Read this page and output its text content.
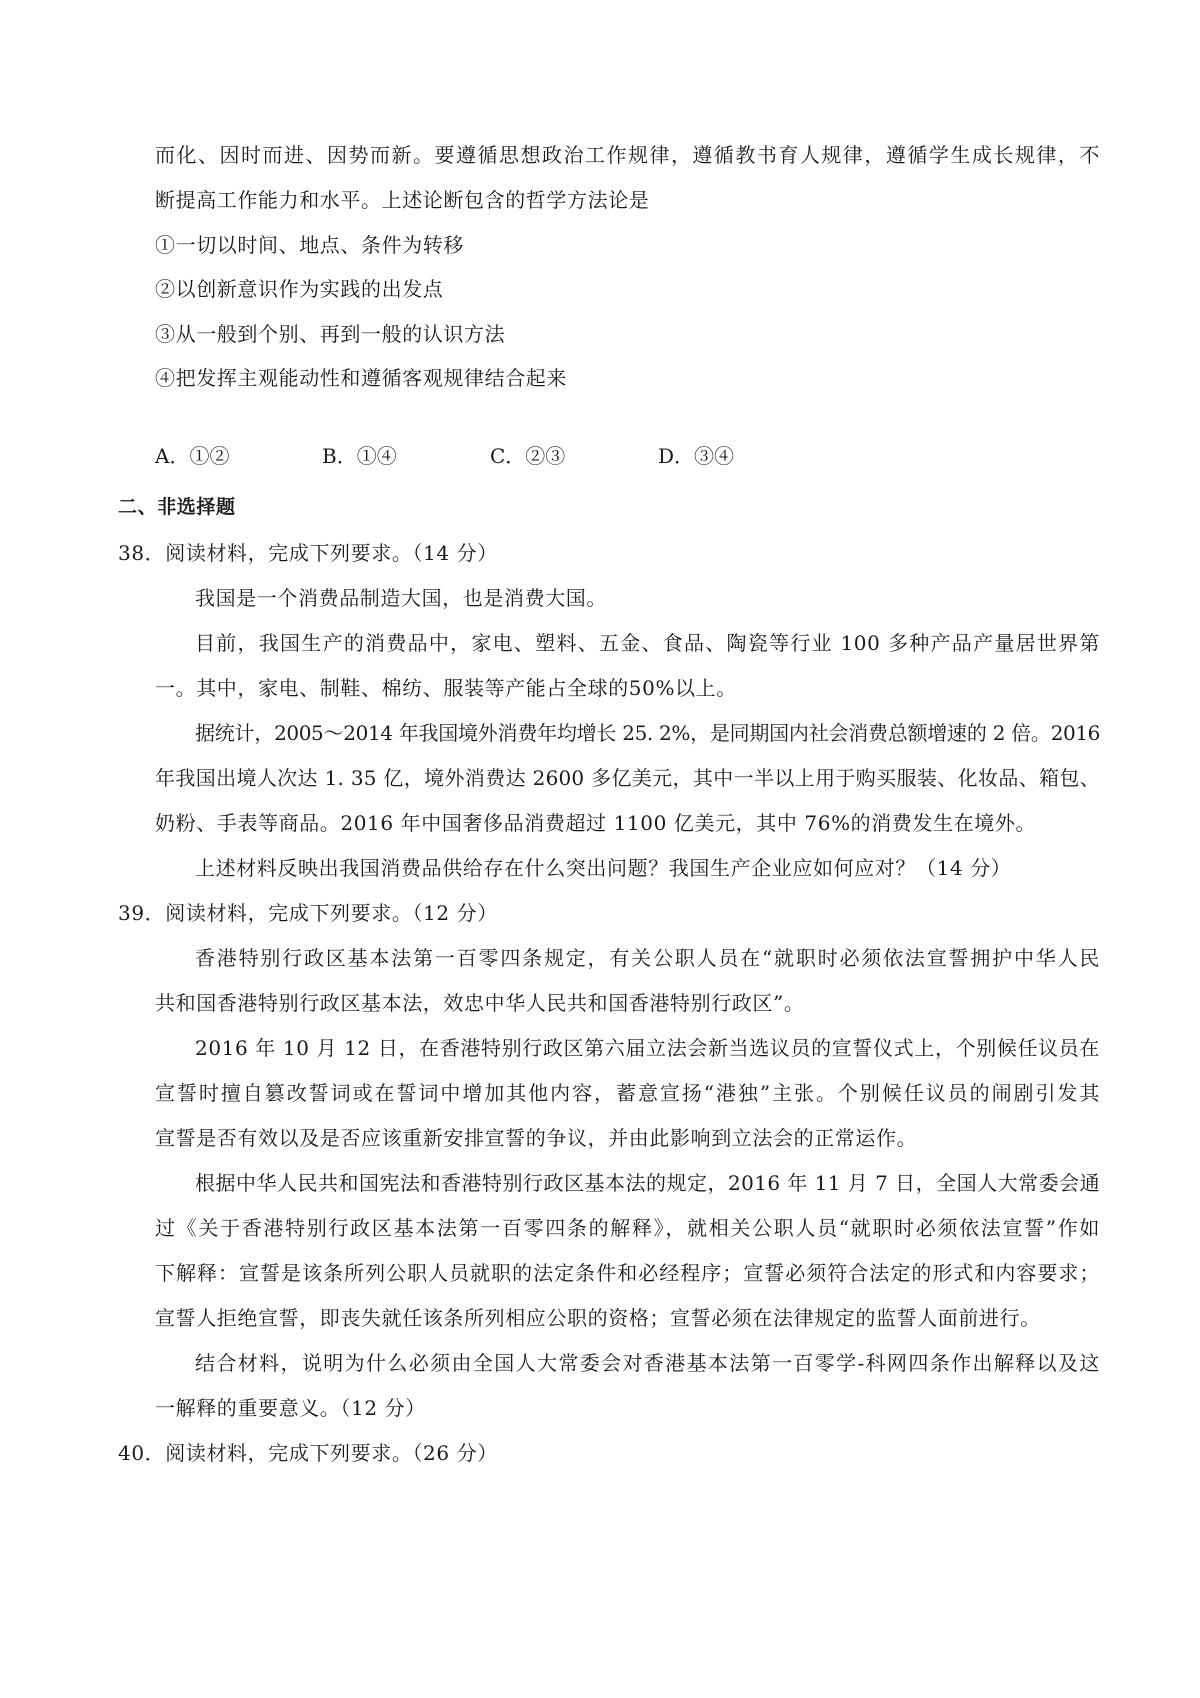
而化、因时而进、因势而新。要遵循思想政治工作规律，遵循教书育人规律，遵循学生成长规律，不
断提高工作能力和水平。上述论断包含的哲学方法论是
①一切以时间、地点、条件为转移
②以创新意识作为实践的出发点
③从一般到个别、再到一般的认识方法
④把发挥主观能动性和遵循客观规律结合起来
A．①②	B．①④	C．②③	D．③④
二、非选择题
38．阅读材料，完成下列要求。（14 分）
我国是一个消费品制造大国，也是消费大国。
目前，我国生产的消费品中，家电、塑料、五金、食品、陶瓷等行业 100 多种产品产量居世界第
一。其中，家电、制鞋、棉纺、服装等产能占全球的50%以上。
据统计，2005～2014 年我国境外消费年均增长 25. 2%，是同期国内社会消费总额增速的 2 倍。2016
年我国出境人次达 1. 35 亿，境外消费达 2600 多亿美元，其中一半以上用于购买服装、化妆品、箱包、
奶粉、手表等商品。2016 年中国奢侈品消费超过 1100 亿美元，其中 76%的消费发生在境外。
上述材料反映出我国消费品供给存在什么突出问题？我国生产企业应如何应对？（14 分）
39．阅读材料，完成下列要求。（12 分）
香港特别行政区基本法第一百零四条规定，有关公职人员在“就职时必须依法宣誓拥护中华人民
共和国香港特别行政区基本法，效忠中华人民共和国香港特别行政区”。
2016 年 10 月 12 日，在香港特别行政区第六届立法会新当选议员的宣誓仪式上，个别候任议员在
宣誓时擅自篡改誓词或在誓词中增加其他内容，蓄意宣扬“港独”主张。个别候任议员的闹剧引发其
宣誓是否有效以及是否应该重新安排宣誓的争议，并由此影响到立法会的正常运作。
根据中华人民共和国宪法和香港特别行政区基本法的规定，2016 年 11 月 7 日，全国人大常委会通
过《关于香港特别行政区基本法第一百零四条的解释》，就相关公职人员“就职时必须依法宣誓”作如
下解释：宣誓是该条所列公职人员就职的法定条件和必经程序；宣誓必须符合法定的形式和内容要求；
宣誓人拒绝宣誓，即丧失就任该条所列相应公职的资格；宣誓必须在法律规定的监誓人面前进行。
结合材料，说明为什么必须由全国人大常委会对香港基本法第一百零学-科网四条作出解释以及这
一解释的重要意义。（12 分）
40．阅读材料，完成下列要求。（26 分）
